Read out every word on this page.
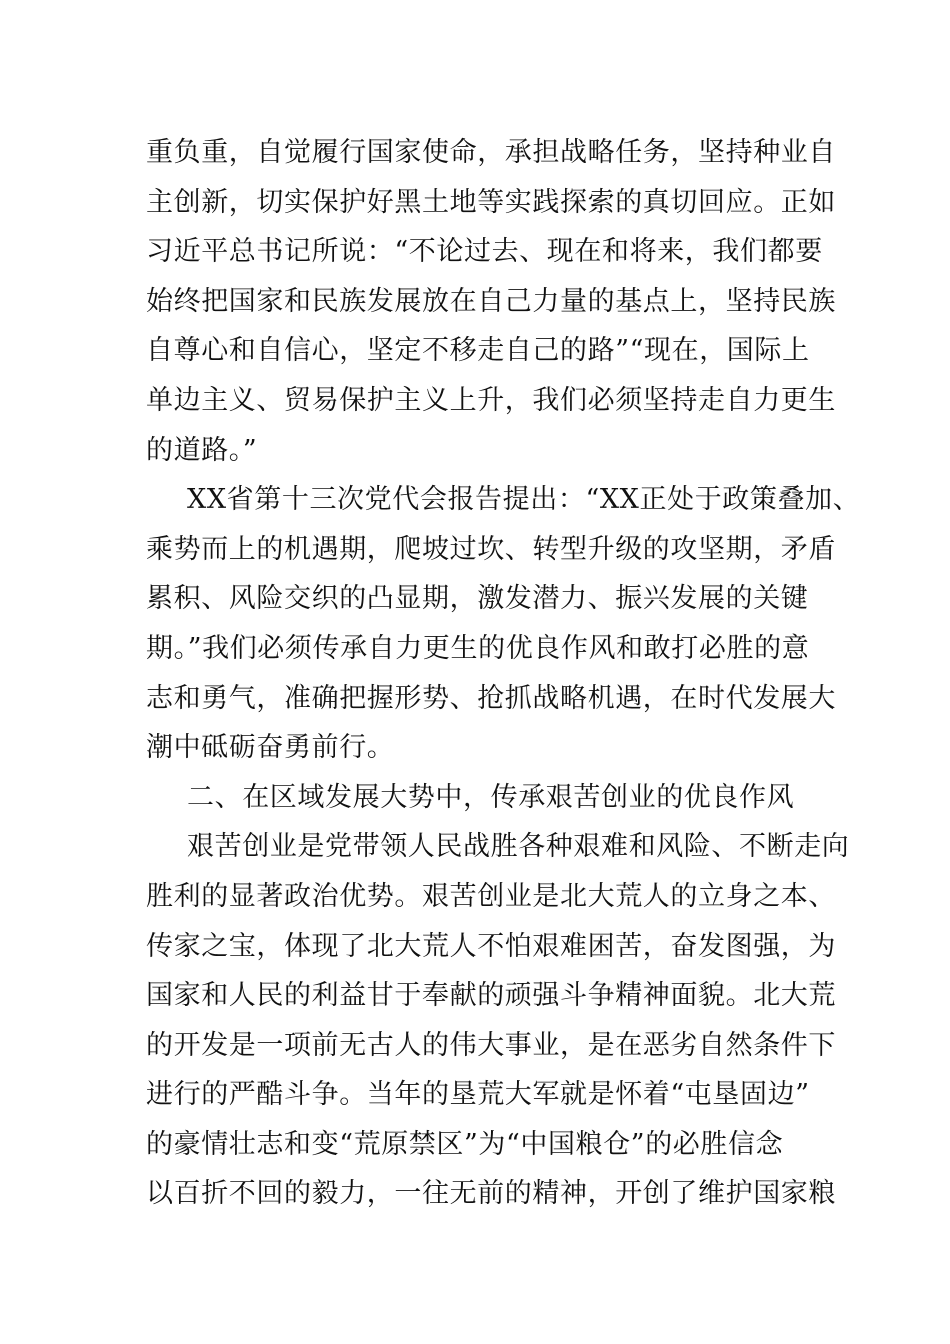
重负重，自觉履行国家使命，承担战略任务，坚持种业自
主创新，切实保护好黑土地等实践探索的真切回应。正如
习近平总书记所说：“不论过去、现在和将来，我们都要
始终把国家和民族发展放在自己力量的基点上，坚持民族
自尊心和自信心，坚定不移走自己的路”“现在，国际上
单边主义、贸易保护主义上升，我们必须坚持走自力更生
的道路。”
XX省第十三次党代会报告提出：“XX正处于政策叠加、
乘势而上的机遇期，爬坡过坎、转型升级的攻坚期，矛盾
累积、风险交织的凸显期，激发潜力、振兴发展的关键
期。”我们必须传承自力更生的优良作风和敢打必胜的意
志和勇气，准确把握形势、抢抓战略机遇，在时代发展大
潮中砥砺奋勇前行。
二、在区域发展大势中，传承艰苦创业的优良作风
艰苦创业是党带领人民战胜各种艰难和风险、不断走向
胜利的显著政治优势。艰苦创业是北大荒人的立身之本、
传家之宝，体现了北大荒人不怕艰难困苦，奋发图强，为
国家和人民的利益甘于奉献的顽强斗争精神面貌。北大荒
的开发是一项前无古人的伟大事业，是在恶劣自然条件下
进行的严酷斗争。当年的垦荒大军就是怀着“屯垦固边”
的豪情壮志和变“荒原禁区”为“中国粮仓”的必胜信念
以百折不回的毅力，一往无前的精神，开创了维护国家粮
